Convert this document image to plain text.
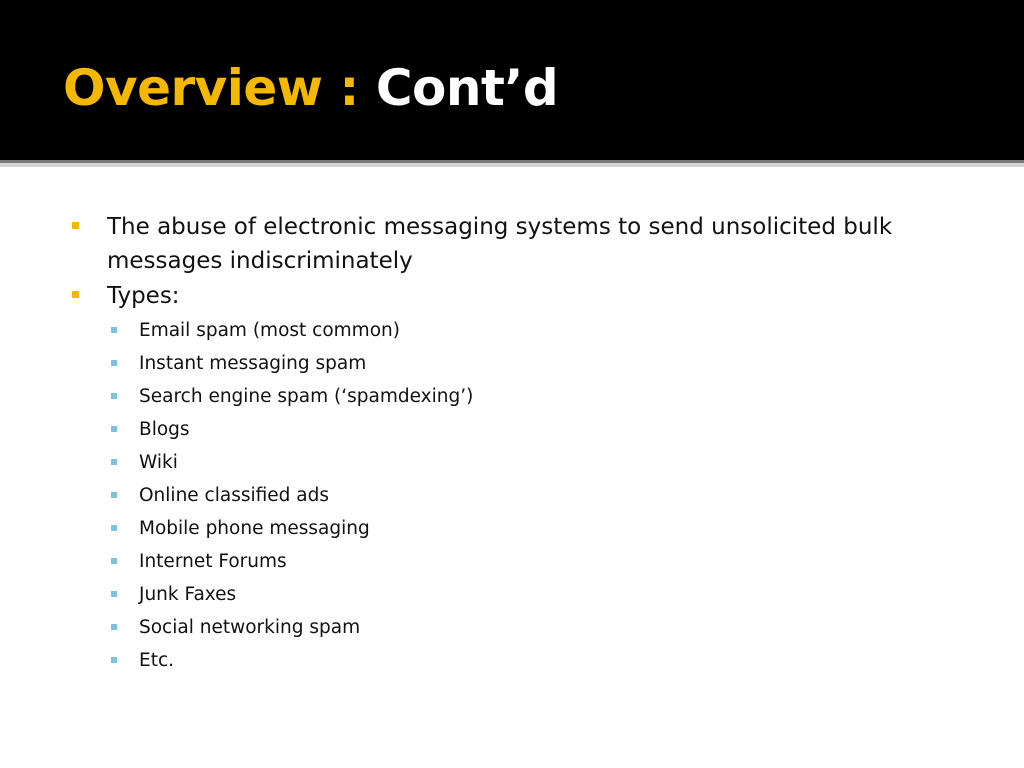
Overview : Cont’d
The abuse of electronic messaging systems to send unsolicited bulk messages indiscriminately
Types:
Email spam (most common)
Instant messaging spam
Search engine spam (‘spamdexing’)
Blogs
Wiki
Online classified ads
Mobile phone messaging
Internet Forums
Junk Faxes
Social networking spam
Etc.
